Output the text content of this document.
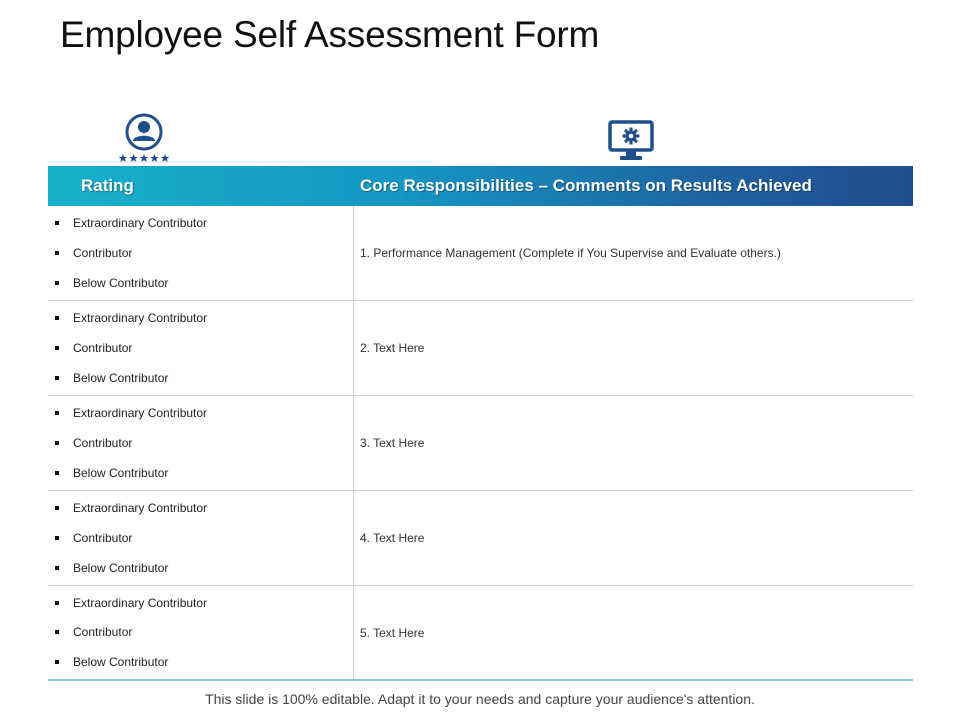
Employee Self Assessment Form
Rating	Core Responsibilities – Comments on Results Achieved
Extraordinary Contributor
Contributor
Below Contributor
1. Performance Management (Complete if You Supervise and Evaluate others.)
Extraordinary Contributor
Contributor
Below Contributor
2. Text Here
Extraordinary Contributor
Contributor
Below Contributor
3. Text Here
Extraordinary Contributor
Contributor
Below Contributor
4. Text Here
Extraordinary Contributor
Contributor
Below Contributor
5. Text Here
This slide is 100% editable. Adapt it to your needs and capture your audience's attention.
